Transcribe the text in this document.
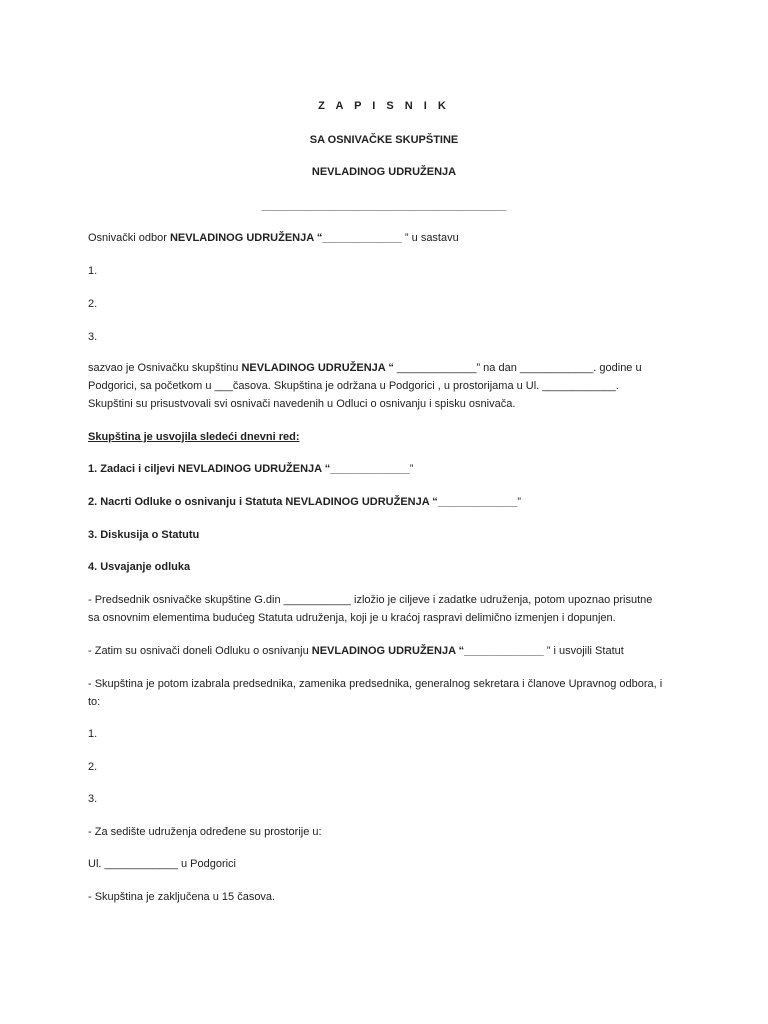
Z A P I S N I K
SA OSNIVAČKE SKUPŠTINE
NEVLADINOG UDRUŽENJA
________________________________________
Osnivački odbor NEVLADINOG UDRUŽENJA “_____________ ” u sastavu
1.
2.
3.
sazvao je Osnivačku skupštinu NEVLADINOG UDRUŽENJA “ _____________” na dan ____________. godine u
Podgorici, sa početkom u ___časova. Skupština je održana u Podgorici , u prostorijama u Ul. ____________.
Skupštini su prisustvovali svi osnivači navedenih u Odluci o osnivanju i spisku osnivača.
Skupština je usvojila sledeći dnevni red:
1. Zadaci i ciljevi NEVLADINOG UDRUŽENJA “_____________”
2. Nacrti Odluke o osnivanju i Statuta NEVLADINOG UDRUŽENJA “_____________”
3. Diskusija o Statutu
4. Usvajanje odluka
- Predsednik osnivačke skupštine G.din ___________ izložio je ciljeve i zadatke udruženja, potom upoznao prisutne
sa osnovnim elementima budućeg Statuta udruženja, koji je u kraćoj raspravi delimično izmenjen i dopunjen.
- Zatim su osnivači doneli Odluku o osnivanju NEVLADINOG UDRUŽENJA “_____________ ” i usvojili Statut
- Skupština je potom izabrala predsednika, zamenika predsednika, generalnog sekretara i članove Upravnog odbora, i
to:
1.
2.
3.
- Za sedište udruženja određene su prostorije u:
Ul. ____________ u Podgorici
- Skupština je zaključena u 15 časova.
